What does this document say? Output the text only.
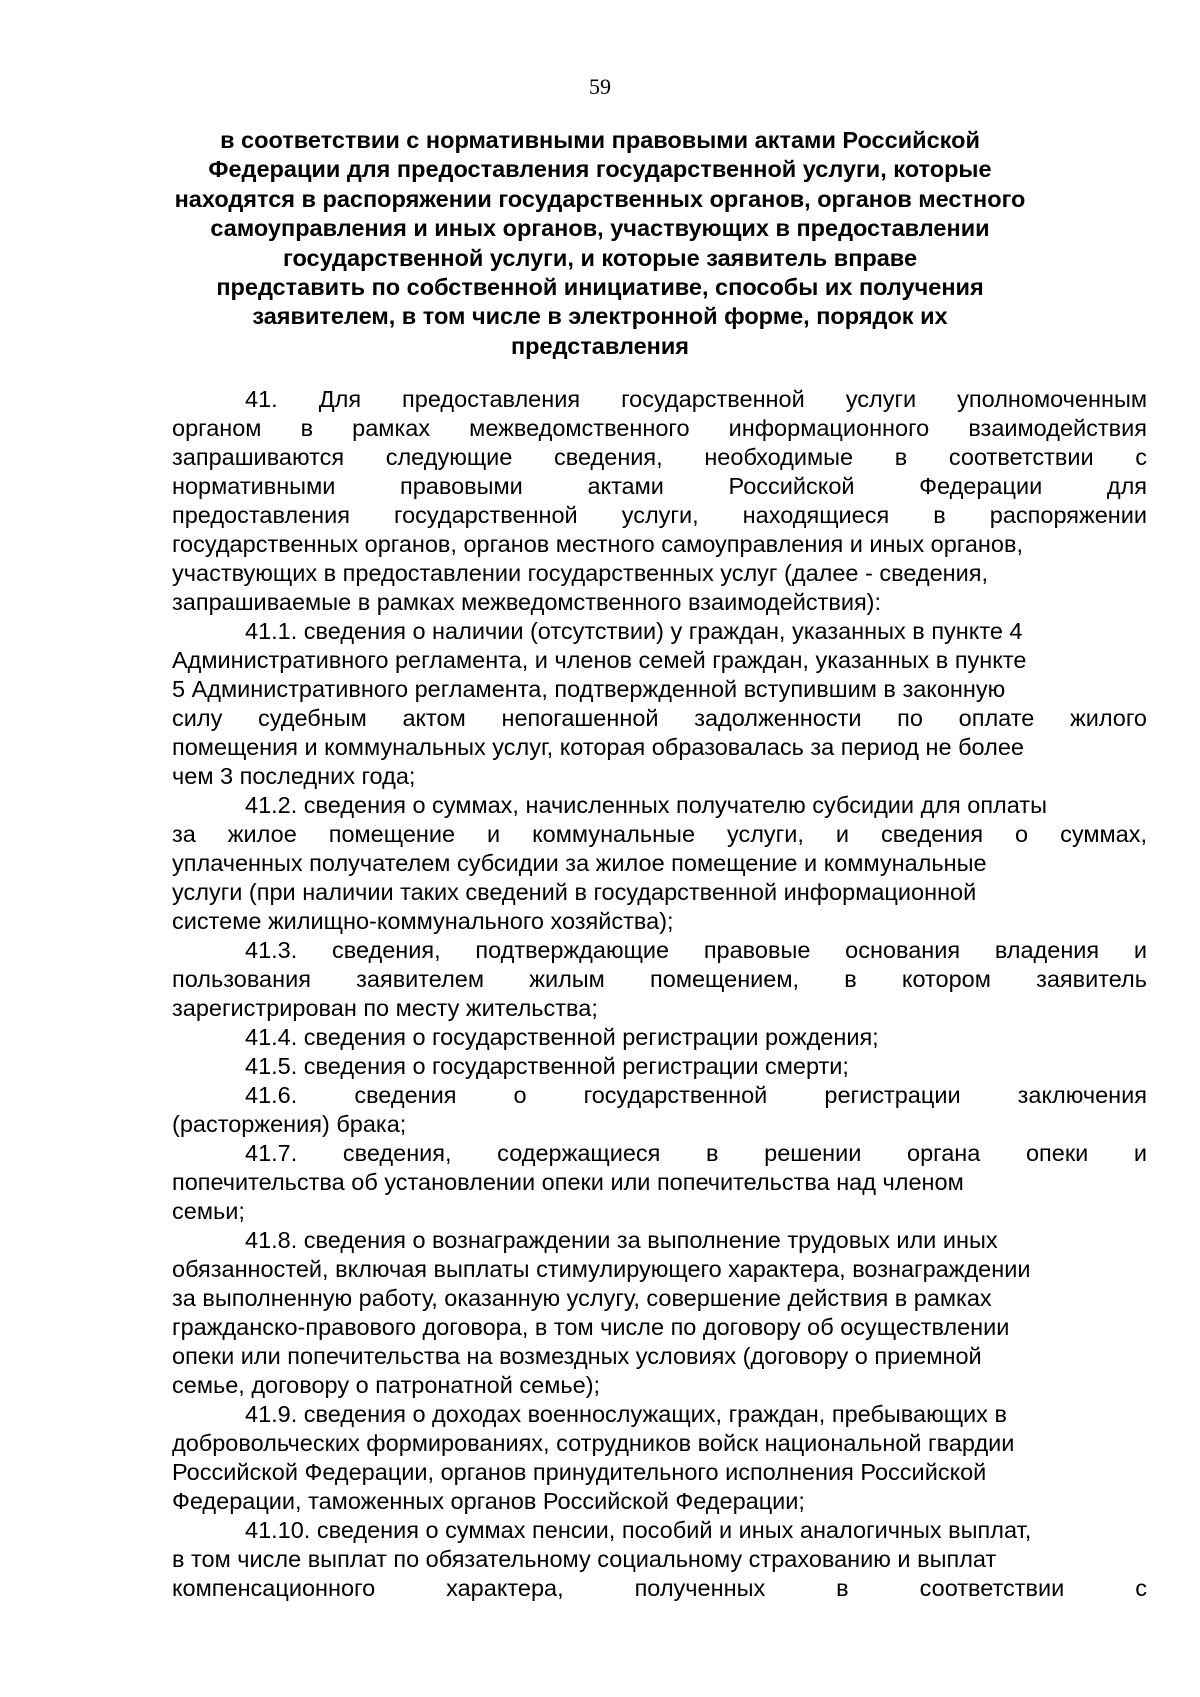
59
в соответствии с нормативными правовыми актами Российской
Федерации для предоставления государственной услуги, которые
находятся в распоряжении государственных органов, органов местного
самоуправления и иных органов, участвующих в предоставлении
государственной услуги, и которые заявитель вправе
представить по собственной инициативе, способы их получения
заявителем, в том числе в электронной форме, порядок их
представления
41. Для предоставления государственной услуги уполномоченным
органом в рамках межведомственного информационного взаимодействия
запрашиваются следующие сведения, необходимые в соответствии с
нормативными правовыми актами Российской Федерации для
предоставления государственной услуги, находящиеся в распоряжении
государственных органов, органов местного самоуправления и иных органов,
участвующих в предоставлении государственных услуг (далее - сведения,
запрашиваемые в рамках межведомственного взаимодействия):
41.1. сведения о наличии (отсутствии) у граждан, указанных в пункте 4
Административного регламента, и членов семей граждан, указанных в пункте
5 Административного регламента, подтвержденной вступившим в законную
силу судебным актом непогашенной задолженности по оплате жилого
помещения и коммунальных услуг, которая образовалась за период не более
чем 3 последних года;
41.2. сведения о суммах, начисленных получателю субсидии для оплаты
за жилое помещение и коммунальные услуги, и сведения о суммах,
уплаченных получателем субсидии за жилое помещение и коммунальные
услуги (при наличии таких сведений в государственной информационной
системе жилищно-коммунального хозяйства);
41.3. сведения, подтверждающие правовые основания владения и
пользования заявителем жилым помещением, в котором заявитель
зарегистрирован по месту жительства;
41.4. сведения о государственной регистрации рождения;
41.5. сведения о государственной регистрации смерти;
41.6. сведения о государственной регистрации заключения
(расторжения) брака;
41.7. сведения, содержащиеся в решении органа опеки и
попечительства об установлении опеки или попечительства над членом
семьи;
41.8. сведения о вознаграждении за выполнение трудовых или иных
обязанностей, включая выплаты стимулирующего характера, вознаграждении
за выполненную работу, оказанную услугу, совершение действия в рамках
гражданско-правового договора, в том числе по договору об осуществлении
опеки или попечительства на возмездных условиях (договору о приемной
семье, договору о патронатной семье);
41.9. сведения о доходах военнослужащих, граждан, пребывающих в
добровольческих формированиях, сотрудников войск национальной гвардии
Российской Федерации, органов принудительного исполнения Российской
Федерации, таможенных органов Российской Федерации;
41.10. сведения о суммах пенсии, пособий и иных аналогичных выплат,
в том числе выплат по обязательному социальному страхованию и выплат
компенсационного характера, полученных в соответствии с
